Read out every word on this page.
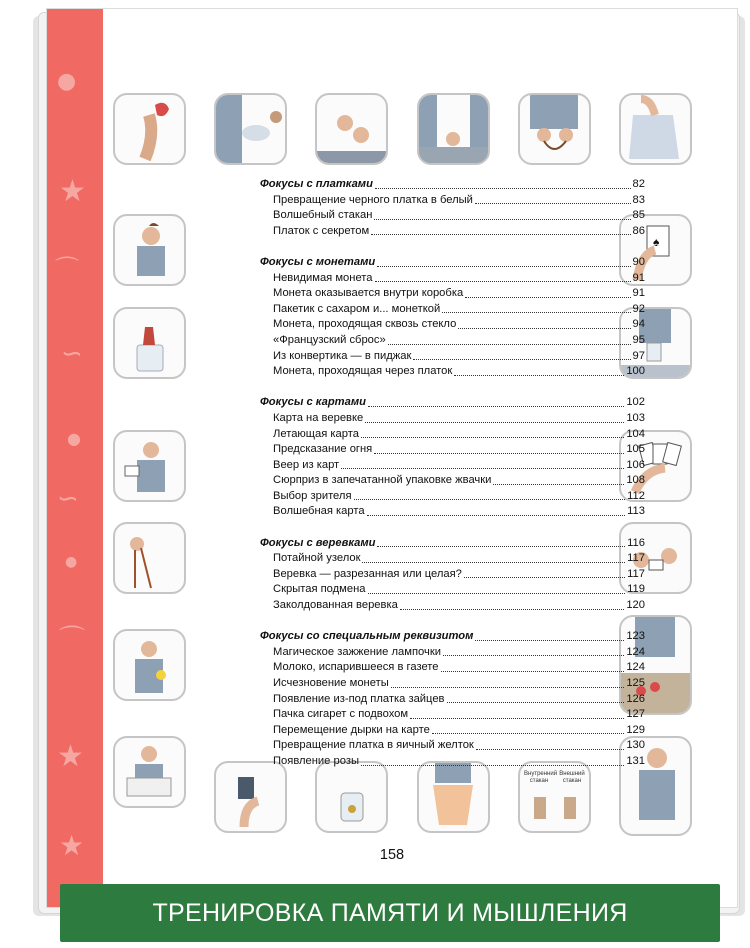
●
★
⌒
∽
●
∽
●
⌒
★
★
♠
Внутренний стакан
Внешний стакан
Фокусы с платками	82
Превращение черного платка в белый	83
Волшебный стакан	85
Платок с секретом	86
Фокусы с монетами	90
Невидимая монета	91
Монета оказывается внутри коробка	91
Пакетик с сахаром и... монеткой	92
Монета, проходящая сквозь стекло	94
«Французский сброс»	95
Из конвертика — в пиджак	97
Монета, проходящая через платок	100
Фокусы с картами	102
Карта на веревке	103
Летающая карта	104
Предсказание огня	105
Веер из карт	106
Сюрприз в запечатанной упаковке жвачки	108
Выбор зрителя	112
Волшебная карта	113
Фокусы с веревками	116
Потайной узелок	117
Веревка — разрезанная или целая?	117
Скрытая подмена	119
Заколдованная веревка	120
Фокусы со специальным реквизитом	123
Магическое зажжение лампочки	124
Молоко, испарившееся в газете	124
Исчезновение монеты	125
Появление из-под платка зайцев	126
Пачка сигарет с подвохом	127
Перемещение дырки на карте	129
Превращение платка в яичный желток	130
Появление розы	131
158
ТРЕНИРОВКА ПАМЯТИ И МЫШЛЕНИЯ
